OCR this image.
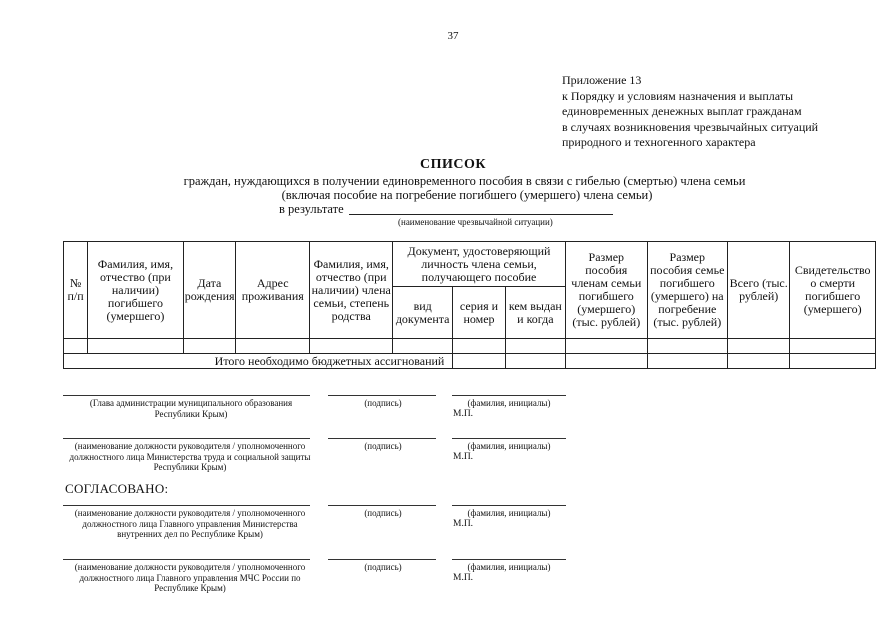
37
Приложение 13
к Порядку и условиям назначения и выплаты
единовременных денежных выплат гражданам
в случаях возникновения чрезвычайных ситуаций
природного и техногенного характера
СПИСОК
граждан, нуждающихся в получении единовременного пособия в связи с гибелью (смертью) члена семьи
(включая пособие на погребение погибшего (умершего) члена семьи)
в результате
(наименование чрезвычайной ситуации)
№ п/п	Фамилия, имя, отчество (при наличии) погибшего (умершего)	Дата рождения	Адрес проживания	Фамилия, имя, отчество (при наличии) члена семьи, степень родства	Документ, удостоверяющий личность члена семьи, получающего пособие			Размер пособия членам семьи погибшего (умершего) (тыс. рублей)	Размер пособия семье погибшего (умершего) на погребение (тыс. рублей)	Всего (тыс. рублей)	Свидетельство о смерти погибшего (умершего)
					вид документа	серия и номер	кем выдан и когда				

Итого необходимо бюджетных ассигнований											
(Глава администрации муниципального образования Республики Крым)
(подпись)	(фамилия, инициалы)
М.П.
(наименование должности руководителя / уполномоченного должностного лица Министерства труда и социальной защиты Республики Крым)
(подпись)	(фамилия, инициалы)
М.П.
СОГЛАСОВАНО:
(наименование должности руководителя / уполномоченного должностного лица Главного управления Министерства внутренних дел по Республике Крым)
(подпись)	(фамилия, инициалы)
М.П.
(наименование должности руководителя / уполномоченного должностного лица Главного управления МЧС России по Республике Крым)
(подпись)	(фамилия, инициалы)
М.П.
